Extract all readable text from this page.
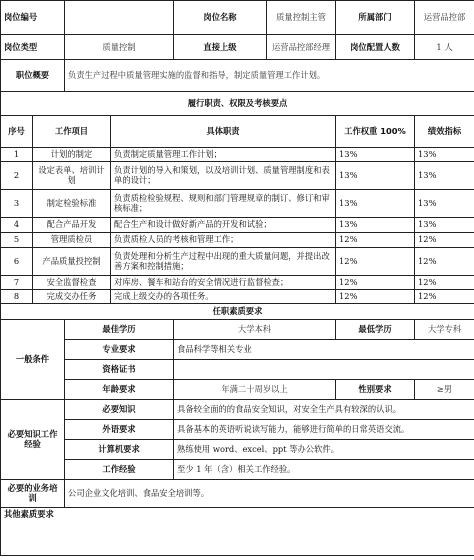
岗位编号				岗位名称	质量控制主管	所属部门	运营品控部
岗位类型		质量控制		直接上级	运营品控部经理	岗位配置人数	1 人
职位概要		负责生产过程中质量管理实施的监督和指导，制定质量管理工作计划。					
履行职责、权限及考核要点							
序号	工作项目		具体职责			工作权重 100%	绩效指标
1	计划的制定		负责制定质量管理工作计划；			13%	13%
2	设定表单、培训计划		负责计划的导入和策划，以及培训计划、质量管理制度和表单的设计；			13%	13%
3	制定检验标准		负责质检检验规程、规则和部门管理规章的制订、修订和审核标准；			13%	13%
4	配合产品开发		配合生产和设计做好新产品的开发和试验；			13%	13%
5	管理质检员		负责质检人员的考核和管理工作；			12%	12%
6	产品质量投控制		负责处理和分析生产过程中出现的重大质量问题，并提出改善方案和控制措施；			12%	12%
7	安全监督检查		对库房、餐车和站台的安全情况进行监督检查；			12%	12%
8	完成交办任务		完成上级交办的各项任务。			12%	12%
任职素质要求							
一般条件		最佳学历		大学本科		最低学历	大学专科
		专业要求		食品科学等相关专业			
		资格证书					
		年龄要求		年满二十周岁以上		性别要求	≥男
必要知识工作经验		必要知识		具备较全面的的食品安全知识，对安全生产具有较深的认识。			
		外语要求		具备基本的英语听说读写能力，能够进行简单的日常英语交流。			
		计算机要求		熟练使用 word、excel、ppt 等办公软件。			
		工作经验		至少 1 年（含）相关工作经验。			
必要的业务培训		公司企业文化培训、食品安全培训等。					
其他素质要求							
